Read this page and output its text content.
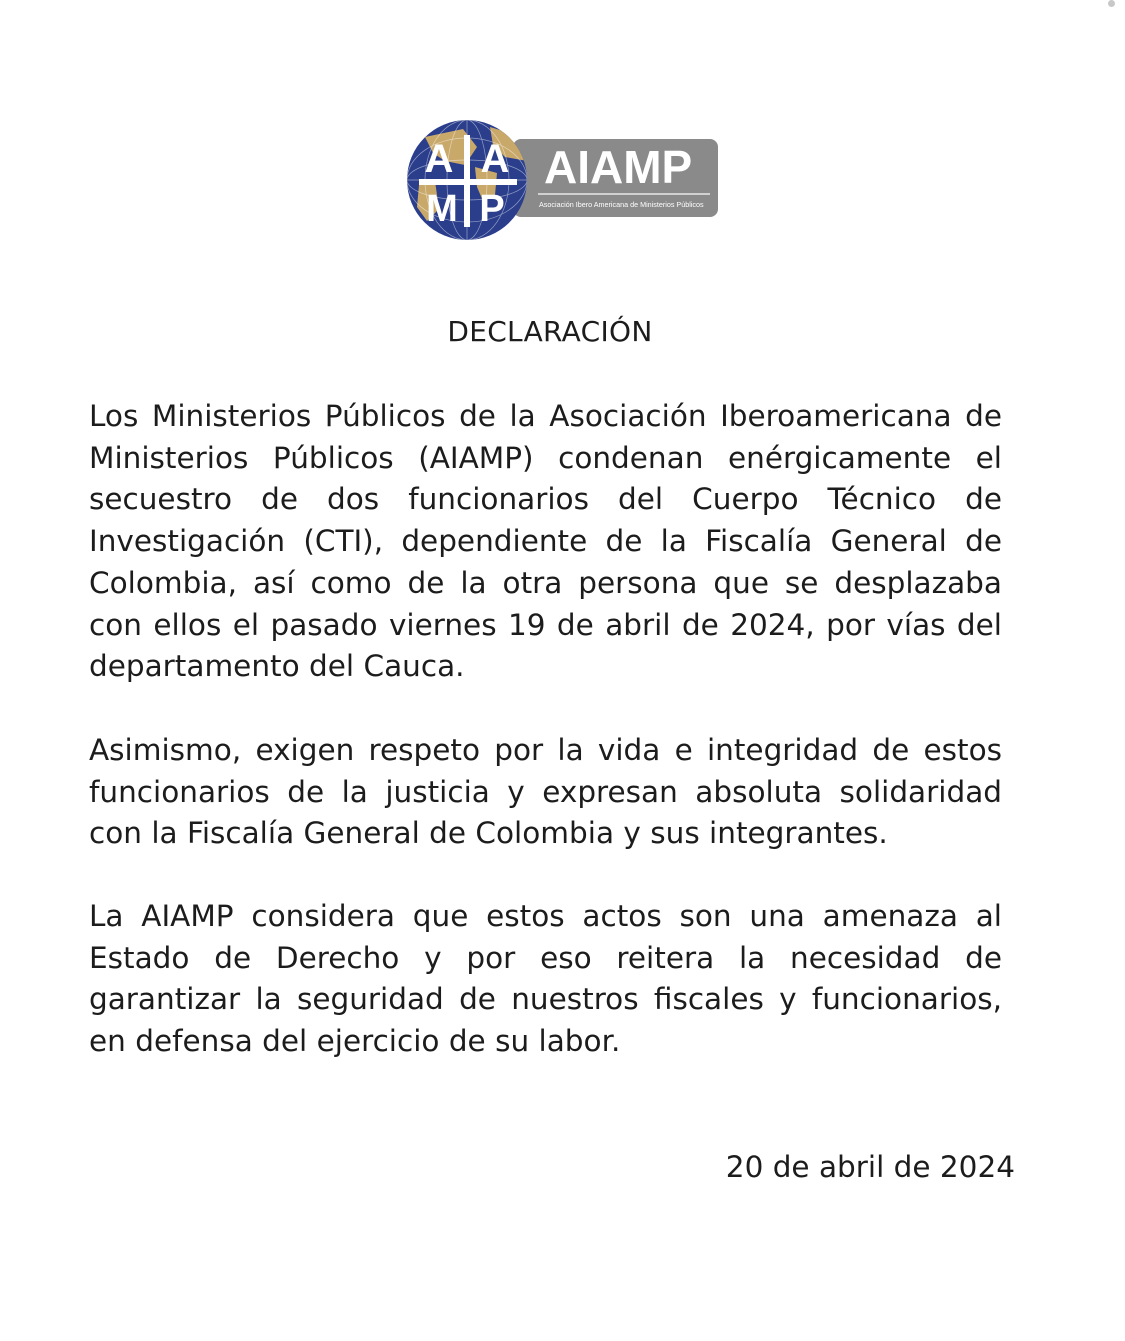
AIAMP
Asociación Ibero Americana de Ministerios Públicos
A I A
M P
DECLARACIÓN

Los Ministerios Públicos de la Asociación Iberoamericana de Ministerios Públicos (AIAMP) condenan enérgicamente el secuestro de dos funcionarios del Cuerpo Técnico de Investigación (CTI), dependiente de la Fiscalía General de Colombia, así como de la otra persona que se desplazaba con ellos el pasado viernes 19 de abril de 2024, por vías del departamento del Cauca.

Asimismo, exigen respeto por la vida e integridad de estos funcionarios de la justicia y expresan absoluta solidaridad con la Fiscalía General de Colombia y sus integrantes.

La AIAMP considera que estos actos son una amenaza al Estado de Derecho y por eso reitera la necesidad de garantizar la seguridad de nuestros fiscales y funcionarios, en defensa del ejercicio de su labor.

20 de abril de 2024
